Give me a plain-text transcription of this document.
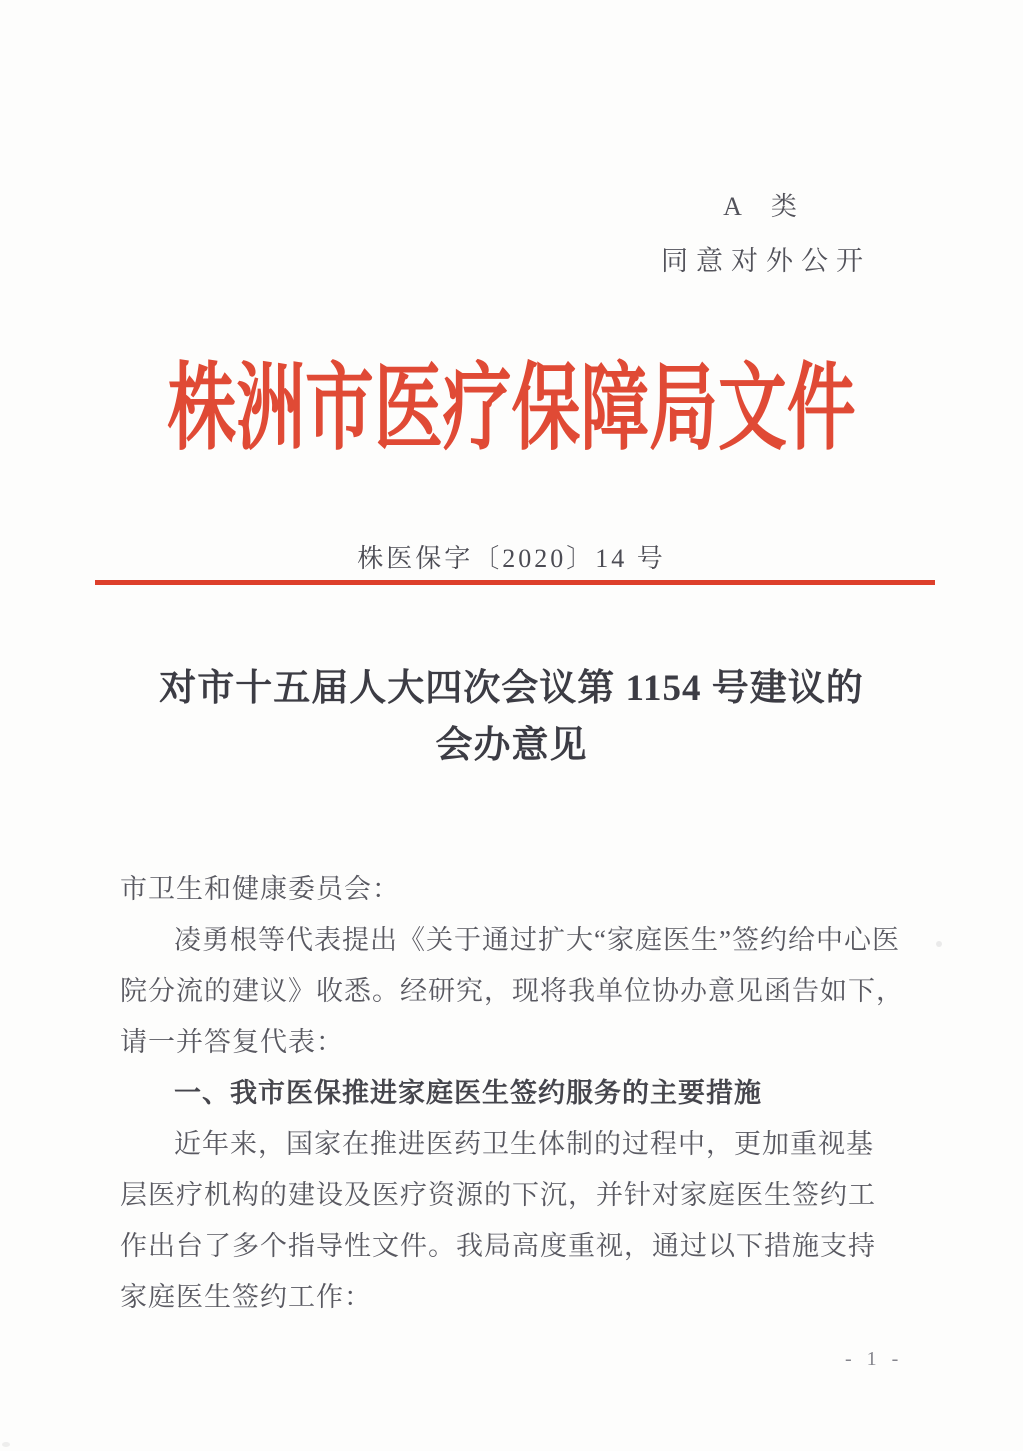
A 类
同意对外公开
株洲市医疗保障局文件
株医保字〔2020〕14 号
对市十五届人大四次会议第 1154 号建议的
会办意见

市卫生和健康委员会：

凌勇根等代表提出《关于通过扩大“家庭医生”签约给中心医

院分流的建议》收悉。经研究，现将我单位协办意见函告如下，

请一并答复代表：

一、我市医保推进家庭医生签约服务的主要措施

近年来，国家在推进医药卫生体制的过程中，更加重视基

层医疗机构的建设及医疗资源的下沉，并针对家庭医生签约工

作出台了多个指导性文件。我局高度重视，通过以下措施支持

家庭医生签约工作：

- 1 -
